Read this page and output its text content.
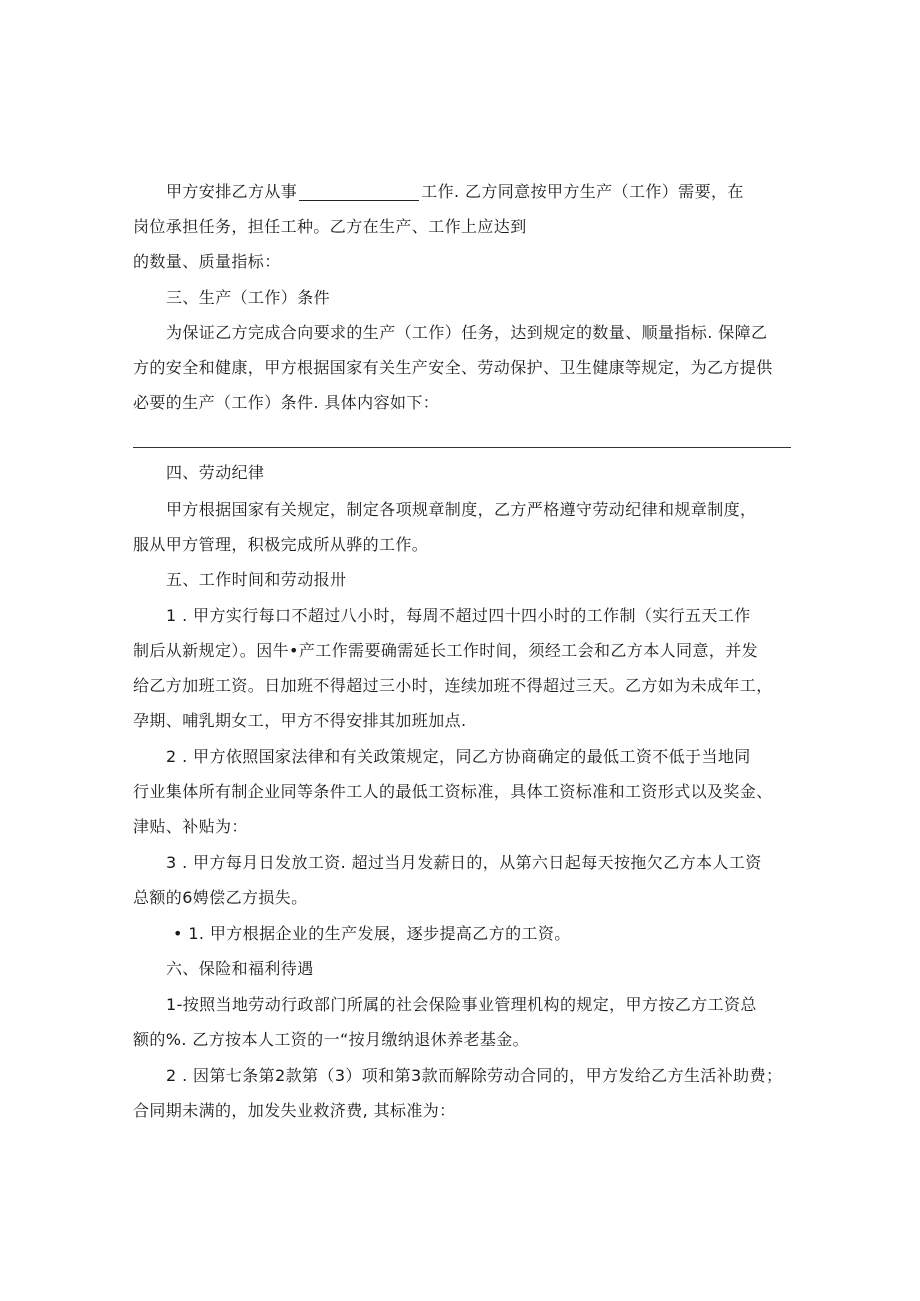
甲方安排乙方从事	工作. 乙方同意按甲方生产（工作）需要，在
岗位承担任务，担任工种。乙方在生产、工作上应达到
的数量、质量指标：
三、生产（工作）条件
为保证乙方完成合向要求的生产（工作）任务，达到规定的数量、顺量指标. 保障乙
方的安全和健康，甲方根据国家有关生产安全、劳动保护、卫生健康等规定，为乙方提供
必要的生产（工作）条件. 具体内容如下：
四、劳动纪律
甲方根据国家有关规定，制定各项规章制度，乙方严格遵守劳动纪律和规章制度，
服从甲方管理，积极完成所从骅的工作。
五、工作时间和劳动报卅
1 . 甲方实行每口不超过八小时，每周不超过四十四小时的工作制（实行五天工作
制后从新规定）。因牛•产工作需要确需延长工作时间，须经工会和乙方本人同意，并发
给乙方加班工资。日加班不得超过三小时，连续加班不得超过三天。乙方如为未成年工，
孕期、哺乳期女工，甲方不得安排其加班加点.
2 . 甲方依照国家法律和有关政策规定，同乙方协商确定的最低工资不低于当地同
行业集体所有制企业同等条件工人的最低工资标准，具体工资标准和工资形式以及奖金、
津贴、补贴为：
3 . 甲方每月日发放工资. 超过当月发薪日的，从第六日起每天按拖欠乙方本人工资
总额的6娉偿乙方损失。
• 1. 甲方根据企业的生产发展，逐步提高乙方的工资。
六、保险和福利待遇
1-按照当地劳动行政部门所属的社会保险事业管理机构的规定，甲方按乙方工资总
额的%. 乙方按本人工资的一“按月缴纳退休养老基金。
2 . 因第七条第2款第（3）项和第3款而解除劳动合同的，甲方发给乙方生活补助费；
合同期未满的，加发失业救济费, 其标准为：
